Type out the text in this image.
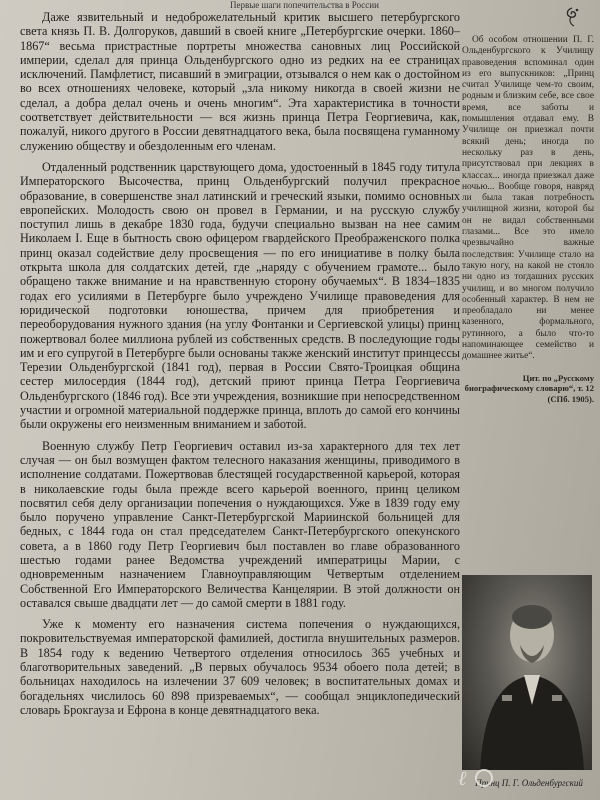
Первые шаги попечительства в России

Даже язвительный и недоброжелательный критик высшего петербургского света князь П. В. Долгоруков, давший в своей книге „Петербургские очерки. 1860–1867“ весьма пристрастные портреты множества сановных лиц Российской империи, сделал для принца Ольденбургского одно из редких на ее страницах исключений. Памфлетист, писавший в эмиграции, отзывался о нем как о достойном во всех отношениях человеке, который „зла никому никогда в своей жизни не сделал, а добра делал очень и очень многим“. Эта характеристика в точности соответствует действительности — вся жизнь принца Петра Георгиевича, как, пожалуй, никого другого в России девятнадцатого века, была посвящена гуманному служению обществу и обездоленным его членам.

Отдаленный родственник царствующего дома, удостоенный в 1845 году титула Императорского Высочества, принц Ольденбургский получил прекрасное образование, в совершенстве знал латинский и греческий языки, помимо основных европейских. Молодость свою он провел в Германии, и на русскую службу поступил лишь в декабре 1830 года, будучи специально вызван на нее самим Николаем I. Еще в бытность свою офицером гвардейского Преображенского полка принц оказал содействие делу просвещения — по его инициативе в полку была открыта школа для солдатских детей, где „наряду с обучением грамоте... было обращено также внимание и на нравственную сторону обучаемых“. В 1834–1835 годах его усилиями в Петербурге было учреждено Училище правоведения для юридической подготовки юношества, причем для приобретения и переоборудования нужного здания (на углу Фонтанки и Сергиевской улицы) принц пожертвовал более миллиона рублей из собственных средств. В последующие годы им и его супругой в Петербурге были основаны также женский институт принцессы Терезии Ольденбургской (1841 год), первая в России Свято-Троицкая община сестер милосердия (1844 год), детский приют принца Петра Георгиевича Ольденбургского (1846 год). Все эти учреждения, возникшие при непосредственном участии и огромной материальной поддержке принца, вплоть до самой его кончины были окружены его неизменным вниманием и заботой.

Военную службу Петр Георгиевич оставил из-за характерного для тех лет случая — он был возмущен фактом телесного наказания женщины, приводимого в исполнение солдатами. Пожертвовав блестящей государственной карьерой, которая в николаевские годы была прежде всего карьерой военного, принц целиком посвятил себя делу организации попечения о нуждающихся. Уже в 1839 году ему было поручено управление Санкт-Петербургской Мариинской больницей для бедных, с 1844 года он стал председателем Санкт-Петербургского опекунского совета, а в 1860 году Петр Георгиевич был поставлен во главе образованного шестью годами ранее Ведомства учреждений императрицы Марии, с одновременным назначением Главноуправляющим Четвертым отделением Собственной Его Императорского Величества Канцелярии. В этой должности он оставался свыше двадцати лет — до самой смерти в 1881 году.

Уже к моменту его назначения система попечения о нуждающихся, покровительствуемая императорской фамилией, достигла внушительных размеров. В 1854 году к ведению Четвертого отделения относилось 365 учебных и благотворительных заведений. „В первых обучалось 9534 обоего пола детей; в больницах находилось на излечении 37 609 человек; в воспитательных домах и богадельнях числилось 60 898 призреваемых“, — сообщал энциклопедический словарь Брокгауза и Ефрона в конце девятнадцатого века.

Об особом отношении П. Г. Ольденбургского к Училищу правоведения вспоминал один из его выпускников: „Принц считал Училище чем-то своим, родным и близким себе, все свое время, все заботы и помышления отдавал ему. В Училище он приезжал почти всякий день; иногда по нескольку раз в день, присутствовал при лекциях в классах... иногда приезжал даже ночью... Вообще говоря, навряд ли была такая потребность училищной жизни, которой бы он не видал собственными глазами... Все это имело чрезвычайно важные последствия: Училище стало на такую ногу, на какой не стояло ни одно из тогдашних русских училищ, и во многом получило особенный характер. В нем не преобладало ни менее казенного, формального, рутинного, а было что-то напоминающее семейство и домашнее житье“.

Цит. по „Русскому биографическому словарю“, т. 12 (СПб. 1905).

Принц П. Г. Ольденбургский
ℓ
